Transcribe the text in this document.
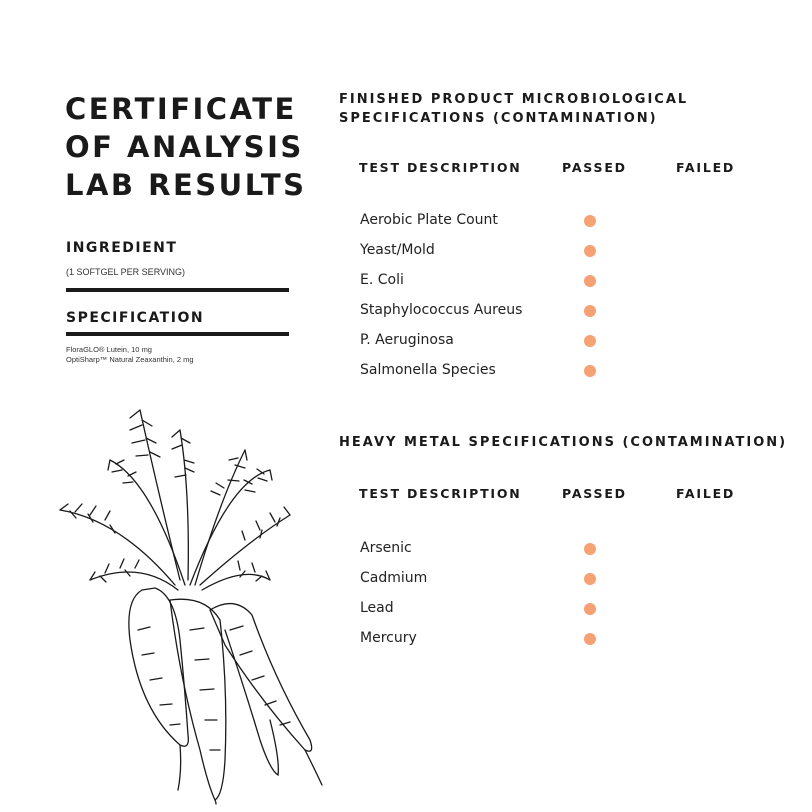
CERTIFICATE
OF ANALYSIS
LAB RESULTS
INGREDIENT
(1 SOFTGEL PER SERVING)
SPECIFICATION
FloraGLO® Lutein, 10 mg
OptiSharp™ Natural Zeaxanthin, 2 mg
FINISHED PRODUCT MICROBIOLOGICAL
SPECIFICATIONS (CONTAMINATION)
TEST DESCRIPTION	PASSED	FAILED
Aerobic Plate Count
Yeast/Mold
E. Coli
Staphylococcus Aureus
P. Aeruginosa
Salmonella Species
HEAVY METAL SPECIFICATIONS (CONTAMINATION)
TEST DESCRIPTION	PASSED	FAILED
Arsenic
Cadmium
Lead
Mercury
